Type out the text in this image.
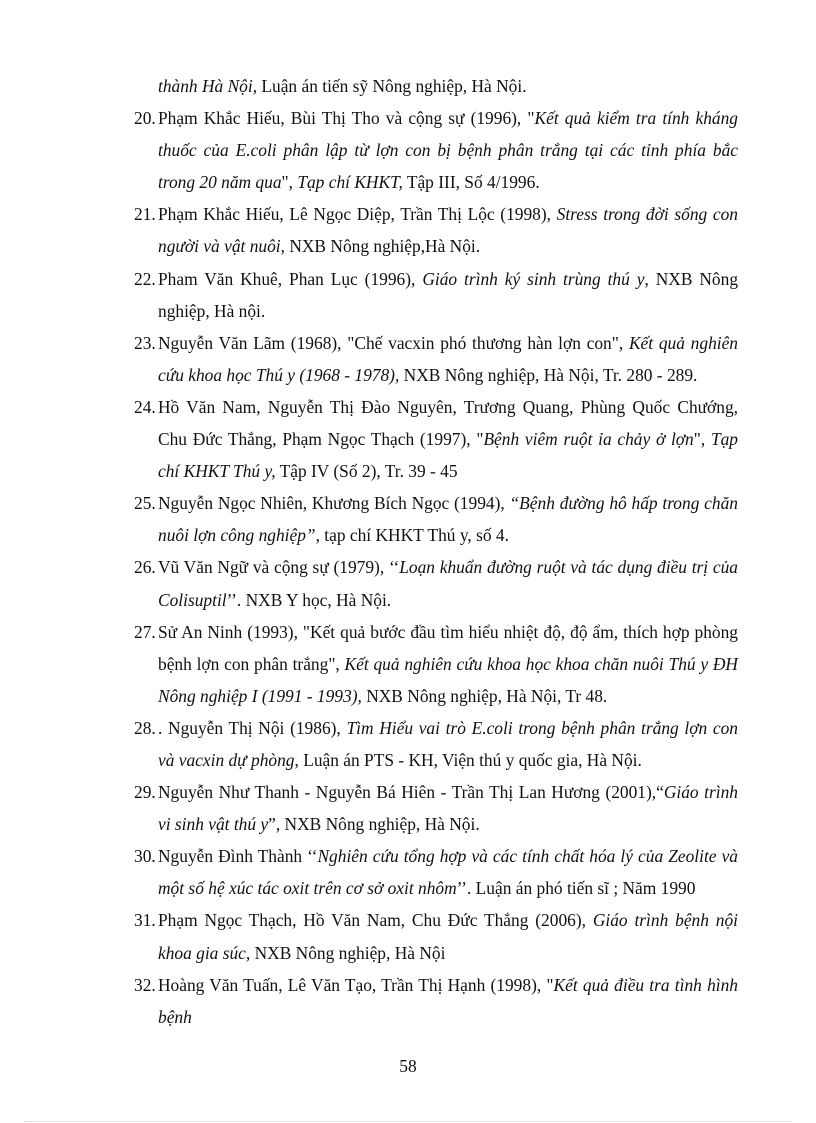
thành Hà Nội, Luận án tiến sỹ Nông nghiệp, Hà Nội.
20. Phạm Khắc Hiếu, Bùi Thị Tho và cộng sự (1996), "Kết quả kiểm tra tính kháng thuốc của E.coli phân lập từ lợn con bị bệnh phân trắng tại các tỉnh phía bắc trong 20 năm qua", Tạp chí KHKT, Tập III, Số 4/1996.
21. Phạm Khắc Hiếu, Lê Ngọc Diệp, Trần Thị Lộc (1998), Stress trong đời sống con người và vật nuôi, NXB Nông nghiệp,Hà Nội.
22. Pham Văn Khuê, Phan Lục (1996), Giáo trình ký sinh trùng thú y, NXB Nông nghiệp, Hà nội.
23. Nguyễn Văn Lãm (1968), "Chế vacxin phó thương hàn lợn con", Kết quả nghiên cứu khoa học Thú y (1968 - 1978), NXB Nông nghiệp, Hà Nội, Tr. 280 - 289.
24. Hồ Văn Nam, Nguyễn Thị Đào Nguyên, Trương Quang, Phùng Quốc Chướng, Chu Đức Thắng, Phạm Ngọc Thạch (1997), "Bệnh viêm ruột ỉa chảy ở lợn", Tạp chí KHKT Thú y, Tập IV (Số 2), Tr. 39 - 45
25. Nguyễn Ngọc Nhiên, Khương Bích Ngọc (1994), “Bệnh đường hô hấp trong chăn nuôi lợn công nghiệp”, tạp chí KHKT Thú y, số 4.
26. Vũ Văn Ngữ và cộng sự (1979), ‘‘Loạn khuẩn đường ruột và tác dụng điều trị của Colisuptil’’. NXB Y học, Hà Nội.
27. Sử An Ninh (1993), "Kết quả bước đầu tìm hiểu nhiệt độ, độ ẩm, thích hợp phòng bệnh lợn con phân trắng", Kết quả nghiên cứu khoa học khoa chăn nuôi Thú y ĐH Nông nghiệp I (1991 - 1993), NXB Nông nghiệp, Hà Nội, Tr 48.
28. . Nguyễn Thị Nội (1986), Tìm Hiểu vai trò E.coli trong bệnh phân trắng lợn con và vacxin dự phòng, Luận án PTS - KH, Viện thú y quốc gia, Hà Nội.
29. Nguyễn Như Thanh - Nguyễn Bá Hiên - Trần Thị Lan Hương (2001),“Giáo trình vi sinh vật thú y”, NXB Nông nghiệp, Hà Nội.
30. Nguyễn Đình Thành ‘‘Nghiên cứu tổng hợp và các tính chất hóa lý của Zeolite và một số hệ xúc tác oxit trên cơ sở oxit nhôm’’. Luận án phó tiến sĩ ; Năm 1990
31. Phạm Ngọc Thạch, Hồ Văn Nam, Chu Đức Thắng (2006), Giáo trình bệnh nội khoa gia súc, NXB Nông nghiệp, Hà Nội
32. Hoàng Văn Tuấn, Lê Văn Tạo, Trần Thị Hạnh (1998), "Kết quả điều tra tình hình bệnh
58
